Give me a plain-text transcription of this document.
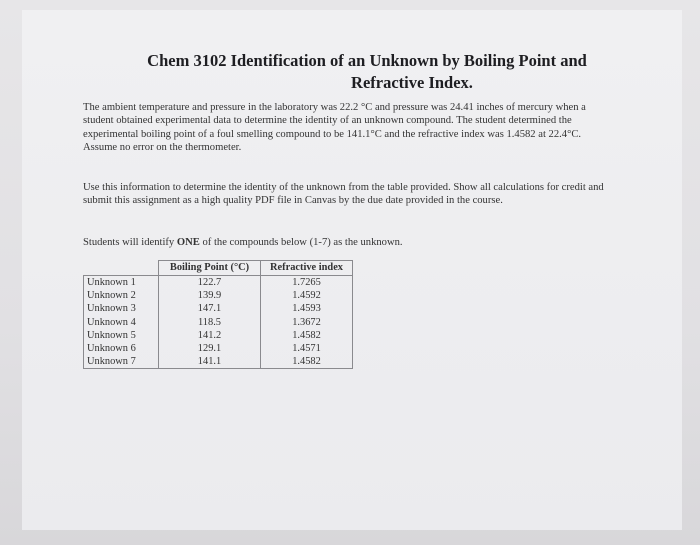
Chem 3102 Identification of an Unknown by Boiling Point and
Refractive Index.
The ambient temperature and pressure in the laboratory was 22.2 °C and pressure was 24.41 inches of mercury when a student obtained experimental data to determine the identity of an unknown compound. The student determined the experimental boiling point of a foul smelling compound to be 141.1°C and the refractive index was 1.4582 at 22.4°C. Assume no error on the thermometer.
Use this information to determine the identity of the unknown from the table provided. Show all calculations for credit and submit this assignment as a high quality PDF file in Canvas by the due date provided in the course.
Students will identify ONE of the compounds below (1-7) as the unknown.
	Boiling Point (°C)	Refractive index
Unknown 1	122.7	1.7265
Unknown 2	139.9	1.4592
Unknown 3	147.1	1.4593
Unknown 4	118.5	1.3672
Unknown 5	141.2	1.4582
Unknown 6	129.1	1.4571
Unknown 7	141.1	1.4582
